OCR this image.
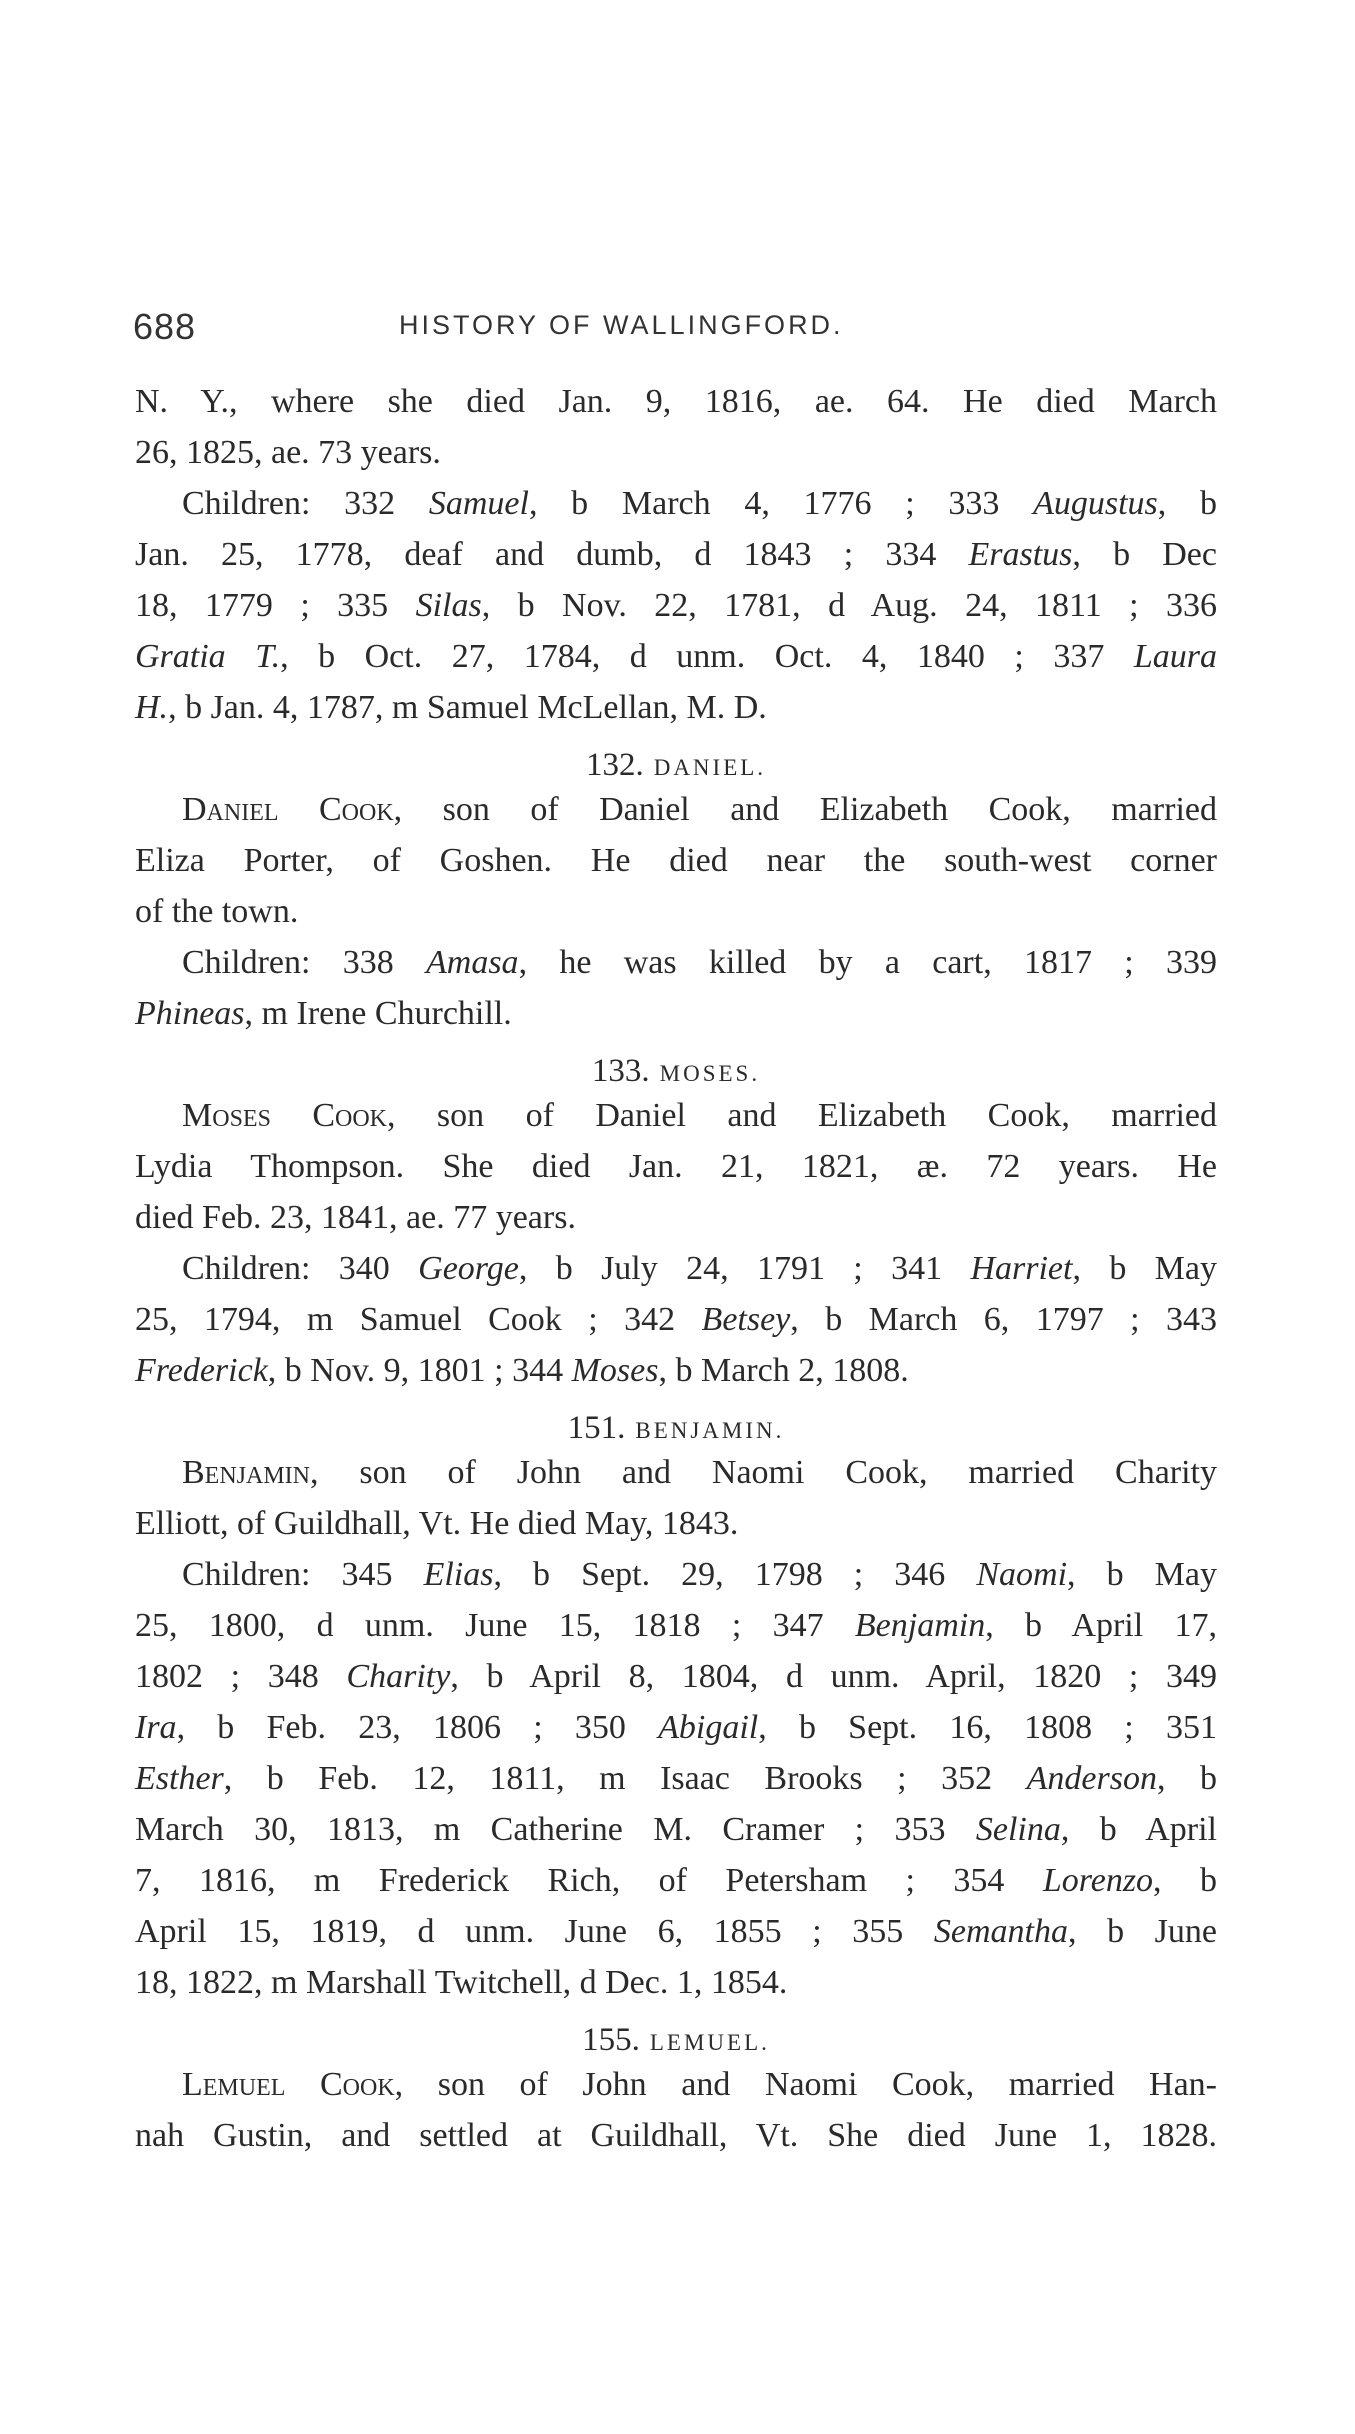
688	HISTORY OF WALLINGFORD.
N. Y., where she died Jan. 9, 1816, ae. 64. He died March
26, 1825, ae. 73 years.
Children: 332 Samuel, b March 4, 1776 ; 333 Augustus, b
Jan. 25, 1778, deaf and dumb, d 1843 ; 334 Erastus, b Dec
18, 1779 ; 335 Silas, b Nov. 22, 1781, d Aug. 24, 1811 ; 336
Gratia T., b Oct. 27, 1784, d unm. Oct. 4, 1840 ; 337 Laura
H., b Jan. 4, 1787, m Samuel McLellan, M. D.
132. DANIEL.
Daniel Cook, son of Daniel and Elizabeth Cook, married
Eliza Porter, of Goshen. He died near the south-west corner
of the town.
Children: 338 Amasa, he was killed by a cart, 1817 ; 339
Phineas, m Irene Churchill.
133. MOSES.
Moses Cook, son of Daniel and Elizabeth Cook, married
Lydia Thompson. She died Jan. 21, 1821, æ. 72 years. He
died Feb. 23, 1841, ae. 77 years.
Children: 340 George, b July 24, 1791 ; 341 Harriet, b May
25, 1794, m Samuel Cook ; 342 Betsey, b March 6, 1797 ; 343
Frederick, b Nov. 9, 1801 ; 344 Moses, b March 2, 1808.
151. BENJAMIN.
Benjamin, son of John and Naomi Cook, married Charity
Elliott, of Guildhall, Vt. He died May, 1843.
Children: 345 Elias, b Sept. 29, 1798 ; 346 Naomi, b May
25, 1800, d unm. June 15, 1818 ; 347 Benjamin, b April 17,
1802 ; 348 Charity, b April 8, 1804, d unm. April, 1820 ; 349
Ira, b Feb. 23, 1806 ; 350 Abigail, b Sept. 16, 1808 ; 351
Esther, b Feb. 12, 1811, m Isaac Brooks ; 352 Anderson, b
March 30, 1813, m Catherine M. Cramer ; 353 Selina, b April
7, 1816, m Frederick Rich, of Petersham ; 354 Lorenzo, b
April 15, 1819, d unm. June 6, 1855 ; 355 Semantha, b June
18, 1822, m Marshall Twitchell, d Dec. 1, 1854.
155. LEMUEL.
Lemuel Cook, son of John and Naomi Cook, married Han-
nah Gustin, and settled at Guildhall, Vt. She died June 1, 1828.
